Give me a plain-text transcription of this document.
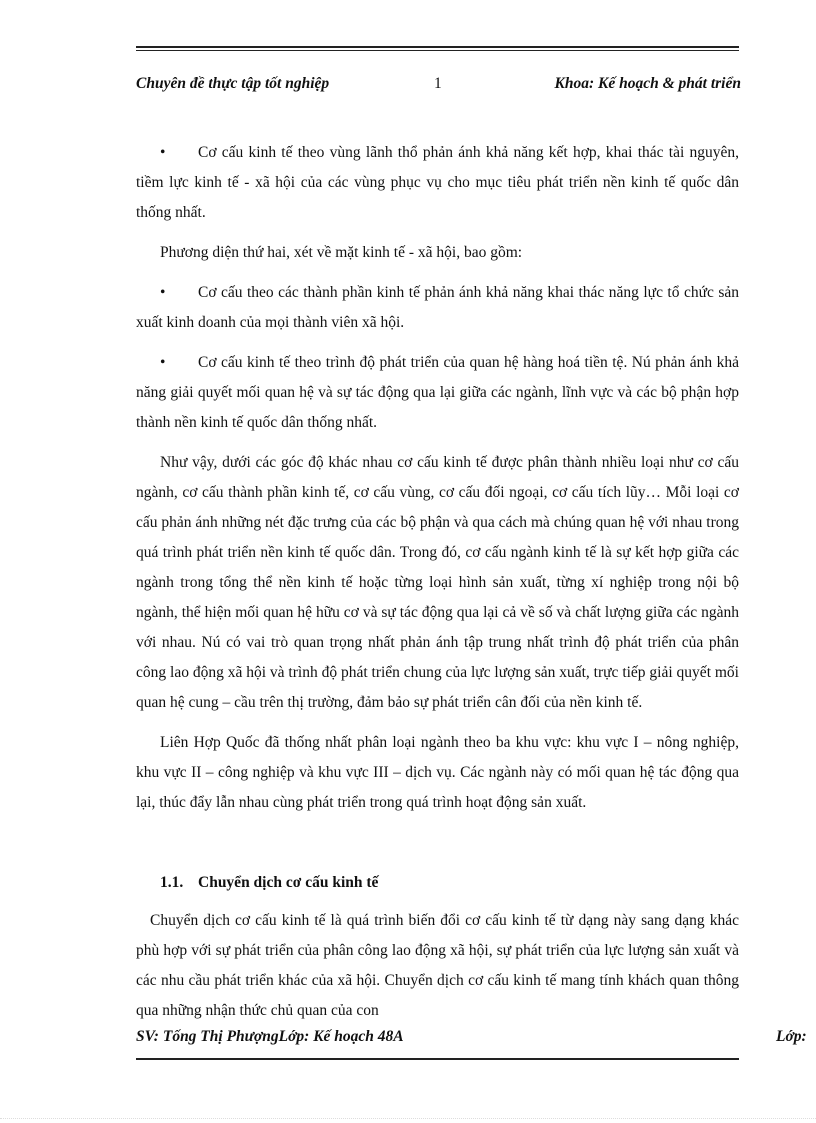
Chuyên đề thực tập tốt nghiệp	1	Khoa: Kế hoạch & phát triển

• Cơ cấu kinh tế theo vùng lãnh thổ phản ánh khả năng kết hợp, khai thác tài nguyên, tiềm lực kinh tế - xã hội của các vùng phục vụ cho mục tiêu phát triển nền kinh tế quốc dân thống nhất.

Phương diện thứ hai, xét về mặt kinh tế - xã hội, bao gồm:

• Cơ cấu theo các thành phần kinh tế phản ánh khả năng khai thác năng lực tổ chức sản xuất kinh doanh của mọi thành viên xã hội.

• Cơ cấu kinh tế theo trình độ phát triển của quan hệ hàng hoá tiền tệ. Nú phản ánh khả năng giải quyết mối quan hệ và sự tác động qua lại giữa các ngành, lĩnh vực và các bộ phận hợp thành nền kinh tế quốc dân thống nhất.

Như vậy, dưới các góc độ khác nhau cơ cấu kinh tế được phân thành nhiều loại như cơ cấu ngành, cơ cấu thành phần kinh tế, cơ cấu vùng, cơ cấu đối ngoại, cơ cấu tích lũy… Mỗi loại cơ cấu phản ánh những nét đặc trưng của các bộ phận và qua cách mà chúng quan hệ với nhau trong quá trình phát triển nền kinh tế quốc dân. Trong đó, cơ cấu ngành kinh tế là sự kết hợp giữa các ngành trong tổng thể nền kinh tế hoặc từng loại hình sản xuất, từng xí nghiệp trong nội bộ ngành, thể hiện mối quan hệ hữu cơ và sự tác động qua lại cả về số và chất lượng giữa các ngành với nhau. Nú có vai trò quan trọng nhất phản ánh tập trung nhất trình độ phát triển của phân công lao động xã hội và trình độ phát triển chung của lực lượng sản xuất, trực tiếp giải quyết mối quan hệ cung – cầu trên thị trường, đảm bảo sự phát triển cân đối của nền kinh tế.

Liên Hợp Quốc đã thống nhất phân loại ngành theo ba khu vực: khu vực I – nông nghiệp, khu vực II – công nghiệp và khu vực III – dịch vụ. Các ngành này có mối quan hệ tác động qua lại, thúc đẩy lẫn nhau cùng phát triển trong quá trình hoạt động sản xuất.

1.1. Chuyển dịch cơ cấu kinh tế

Chuyển dịch cơ cấu kinh tế là quá trình biến đổi cơ cấu kinh tế từ dạng này sang dạng khác phù hợp với sự phát triển của phân công lao động xã hội, sự phát triển của lực lượng sản xuất và các nhu cầu phát triển khác của xã hội. Chuyển dịch cơ cấu kinh tế mang tính khách quan thông qua những nhận thức chủ quan của con

SV: Tống Thị PhượngLớp: Kế hoạch 48A	Lớp:
